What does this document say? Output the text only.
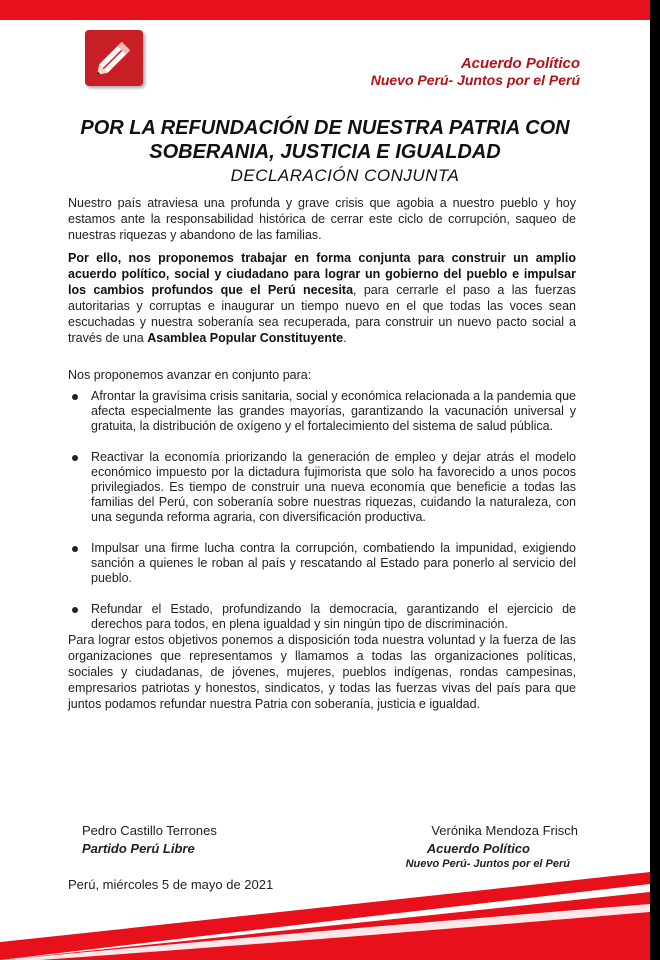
Acuerdo Político
Nuevo Perú- Juntos por el Perú
POR LA REFUNDACIÓN DE NUESTRA PATRIA CON
SOBERANIA, JUSTICIA E IGUALDAD
DECLARACIÓN CONJUNTA
Nuestro país atraviesa una profunda y grave crisis que agobia a nuestro pueblo y hoy estamos ante la responsabilidad histórica de cerrar este ciclo de corrupción, saqueo de nuestras riquezas y abandono de las familias.
Por ello, nos proponemos trabajar en forma conjunta para construir un amplio acuerdo político, social y ciudadano para lograr un gobierno del pueblo e impulsar los cambios profundos que el Perú necesita, para cerrarle el paso a las fuerzas autoritarias y corruptas e inaugurar un tiempo nuevo en el que todas las voces sean escuchadas y nuestra soberanía sea recuperada, para construir un nuevo pacto social a través de una Asamblea Popular Constituyente.
Nos proponemos avanzar en conjunto para:
Afrontar la gravísima crisis sanitaria, social y económica relacionada a la pandemia que afecta especialmente las grandes mayorías, garantizando la vacunación universal y gratuita, la distribución de oxígeno y el fortalecimiento del sistema de salud pública.
Reactivar la economía priorizando la generación de empleo y dejar atrás el modelo económico impuesto por la dictadura fujimorista que solo ha favorecido a unos pocos privilegiados. Es tiempo de construir una nueva economía que beneficie a todas las familias del Perú, con soberanía sobre nuestras riquezas, cuidando la naturaleza, con una segunda reforma agraria, con diversificación productiva.
Impulsar una firme lucha contra la corrupción, combatiendo la impunidad, exigiendo sanción a quienes le roban al país y rescatando al Estado para ponerlo al servicio del pueblo.
Refundar el Estado, profundizando la democracia, garantizando el ejercicio de derechos para todos, en plena igualdad y sin ningún tipo de discriminación.
Para lograr estos objetivos ponemos a disposición toda nuestra voluntad y la fuerza de las organizaciones que representamos y llamamos a todas las organizaciones políticas, sociales y ciudadanas, de jóvenes, mujeres, pueblos indígenas, rondas campesinas, empresarios patriotas y honestos, sindicatos, y todas las fuerzas vivas del país para que juntos podamos refundar nuestra Patria con soberanía, justicia e igualdad.
Pedro Castillo Terrones
Partido Perú Libre
Verónika Mendoza Frisch
Acuerdo Político
Nuevo Perú- Juntos por el Perú
Perú, miércoles 5 de mayo de 2021
